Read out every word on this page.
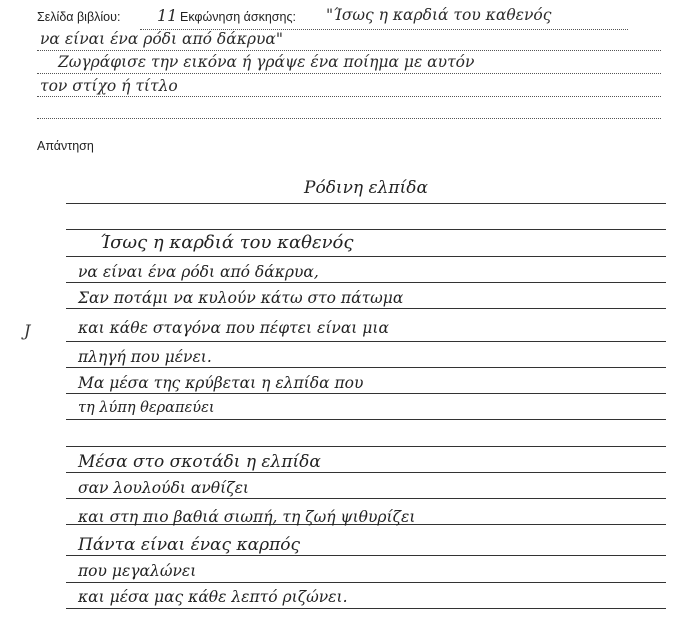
Σελίδα βιβλίου: 11 Εκφώνηση άσκησης: "Ίσως η καρδιά του καθενός
να είναι ένα ρόδι από δάκρυα"
Ζωγράφισε την εικόνα ή γράψε ένα ποίημα με αυτόν
τον στίχο ή τίτλο
Απάντηση
Ρόδινη ελπίδα
J
Ίσως η καρδιά του καθενός
να είναι ένα ρόδι από δάκρυα,
Σαν ποτάμι να κυλούν κάτω στο πάτωμα
και κάθε σταγόνα που πέφτει είναι μια
πληγή που μένει.
Μα μέσα της κρύβεται η ελπίδα που
τη λύπη θεραπεύει
Μέσα στο σκοτάδι η ελπίδα
σαν λουλούδι ανθίζει
και στη πιο βαθιά σιωπή, τη ζωή ψιθυρίζει
Πάντα είναι ένας καρπός
που μεγαλώνει
και μέσα μας κάθε λεπτό ριζώνει.
